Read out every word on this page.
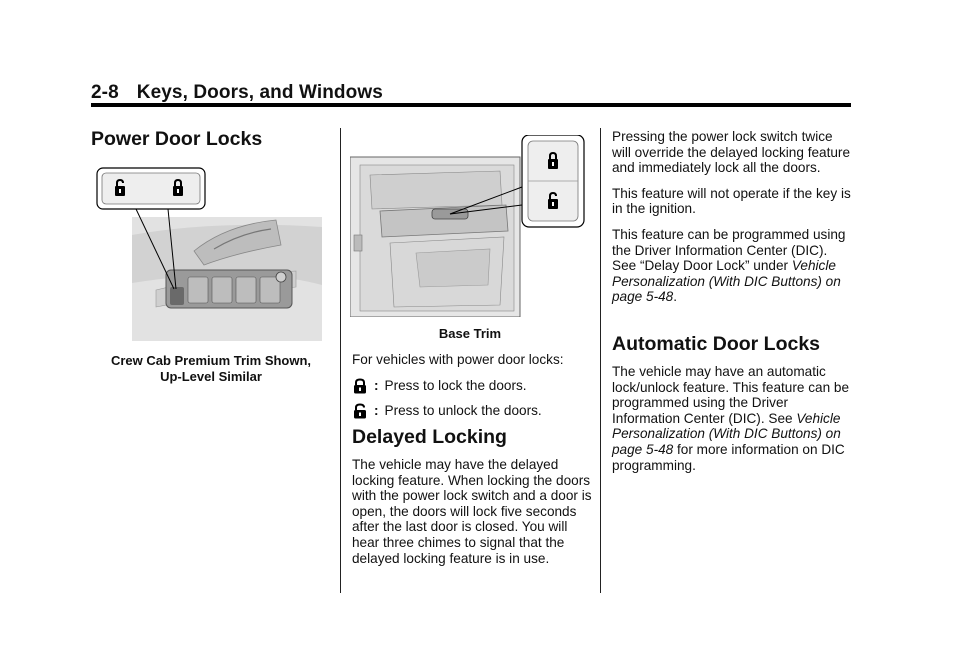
2-8 Keys, Doors, and Windows
Power Door Locks
Crew Cab Premium Trim Shown,
Up-Level Similar
Base Trim

For vehicles with power door locks:

: Press to lock the doors.
: Press to unlock the doors.
Delayed Locking

The vehicle may have the delayed locking feature. When locking the doors with the power lock switch and a door is open, the doors will lock five seconds after the last door is closed. You will hear three chimes to signal that the delayed locking feature is in use.

Pressing the power lock switch twice will override the delayed locking feature and immediately lock all the doors.

This feature will not operate if the key is in the ignition.

This feature can be programmed using the Driver Information Center (DIC). See “Delay Door Lock” under Vehicle Personalization (With DIC Buttons) on page 5-48.

Automatic Door Locks

The vehicle may have an automatic lock/unlock feature. This feature can be programmed using the Driver Information Center (DIC). See Vehicle Personalization (With DIC Buttons) on page 5-48 for more information on DIC programming.
